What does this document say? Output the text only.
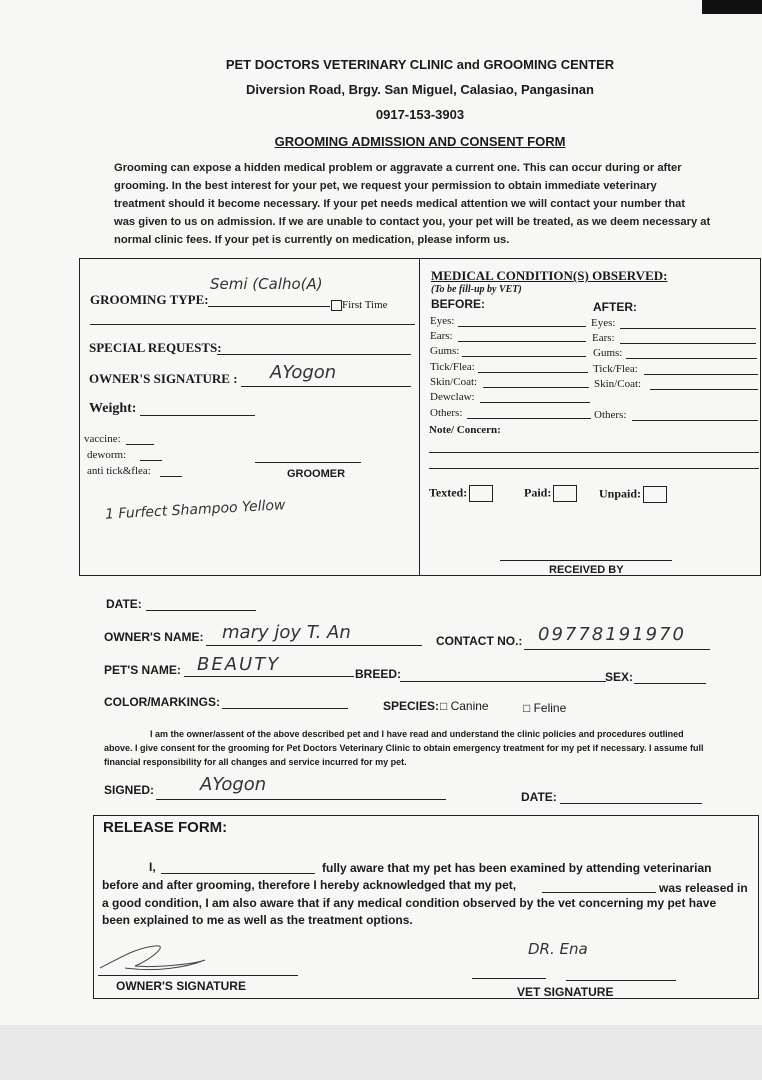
PET DOCTORS VETERINARY CLINIC and GROOMING CENTER
Diversion Road, Brgy. San Miguel, Calasiao, Pangasinan
0917-153-3903
GROOMING ADMISSION AND CONSENT FORM
Grooming can expose a hidden medical problem or aggravate a current one. This can occur during or after
grooming. In the best interest for your pet, we request your permission to obtain immediate veterinary
treatment should it become necessary. If your pet needs medical attention we will contact your number that
was given to us on admission. If we are unable to contact you, your pet will be treated, as we deem necessary at
normal clinic fees. If your pet is currently on medication, please inform us.
GROOMING TYPE:
Semi (Calho(A)
First Time
SPECIAL REQUESTS:
OWNER'S SIGNATURE : AYogon
Weight:
vaccine:
deworm:
anti tick&flea:	GROOMER
1 Furfect Shampoo Yellow
MEDICAL CONDITION(S) OBSERVED:
(To be fill-up by VET)
BEFORE:	AFTER:
Eyes:
Ears:
Gums:
Tick/Flea:
Skin/Coat:
Dewclaw:
Others:
Eyes:
Ears:
Gums:
Tick/Flea:
Skin/Coat:
Others:
Note/ Concern:
Texted:	Paid:	Unpaid:
RECEIVED BY
DATE:
OWNER'S NAME: mary joy T. An	CONTACT NO.: 09778191970
PET'S NAME: BEAUTY	BREED:	SEX:
COLOR/MARKINGS:	SPECIES: □ Canine	□ Feline
I am the owner/assent of the above described pet and I have read and understand the clinic policies and procedures outlined
above. I give consent for the grooming for Pet Doctors Veterinary Clinic to obtain emergency treatment for my pet if necessary. I assume full
financial responsibility for all changes and service incurred for my pet.
SIGNED:	AYogon
DATE:
RELEASE FORM:
I,	fully aware that my pet has been examined by attending veterinarian
before and after grooming, therefore I hereby acknowledged that my pet,	was released in
a good condition, I am also aware that if any medical condition observed by the vet concerning my pet have
been explained to me as well as the treatment options.
OWNER'S SIGNATURE
DR. Ena
VET SIGNATURE
